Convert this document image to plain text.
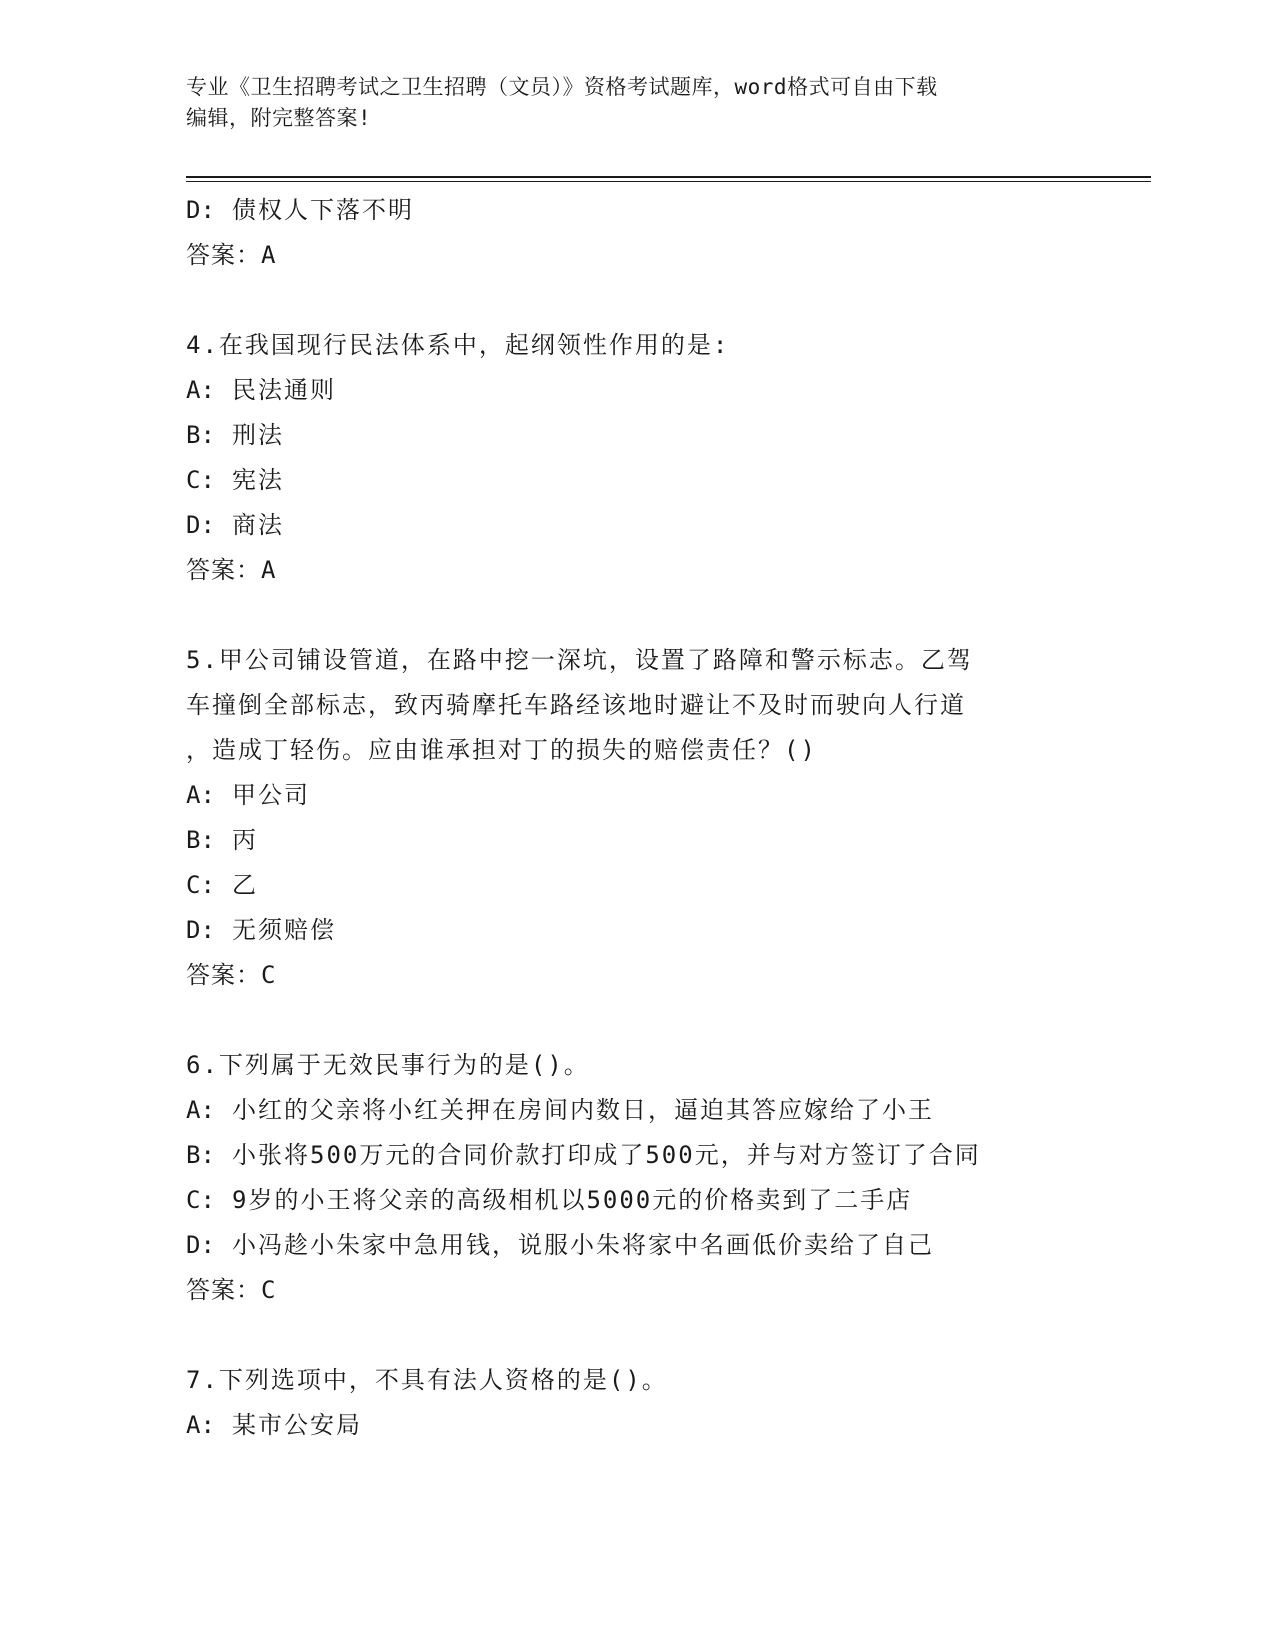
专业《卫生招聘考试之卫生招聘（文员）》资格考试题库，word格式可自由下载
编辑，附完整答案!

D: 债权人下落不明

答案：A

4.在我国现行民法体系中，起纲领性作用的是:

A: 民法通则

B: 刑法

C: 宪法

D: 商法

答案：A

5.甲公司铺设管道，在路中挖一深坑，设置了路障和警示标志。乙驾

车撞倒全部标志，致丙骑摩托车路经该地时避让不及时而驶向人行道

，造成丁轻伤。应由谁承担对丁的损失的赔偿责任？()

A: 甲公司

B: 丙

C: 乙

D: 无须赔偿

答案：C

6.下列属于无效民事行为的是()。

A: 小红的父亲将小红关押在房间内数日，逼迫其答应嫁给了小王

B: 小张将500万元的合同价款打印成了500元，并与对方签订了合同

C: 9岁的小王将父亲的高级相机以5000元的价格卖到了二手店

D: 小冯趁小朱家中急用钱，说服小朱将家中名画低价卖给了自己

答案：C

7.下列选项中，不具有法人资格的是()。

A: 某市公安局
